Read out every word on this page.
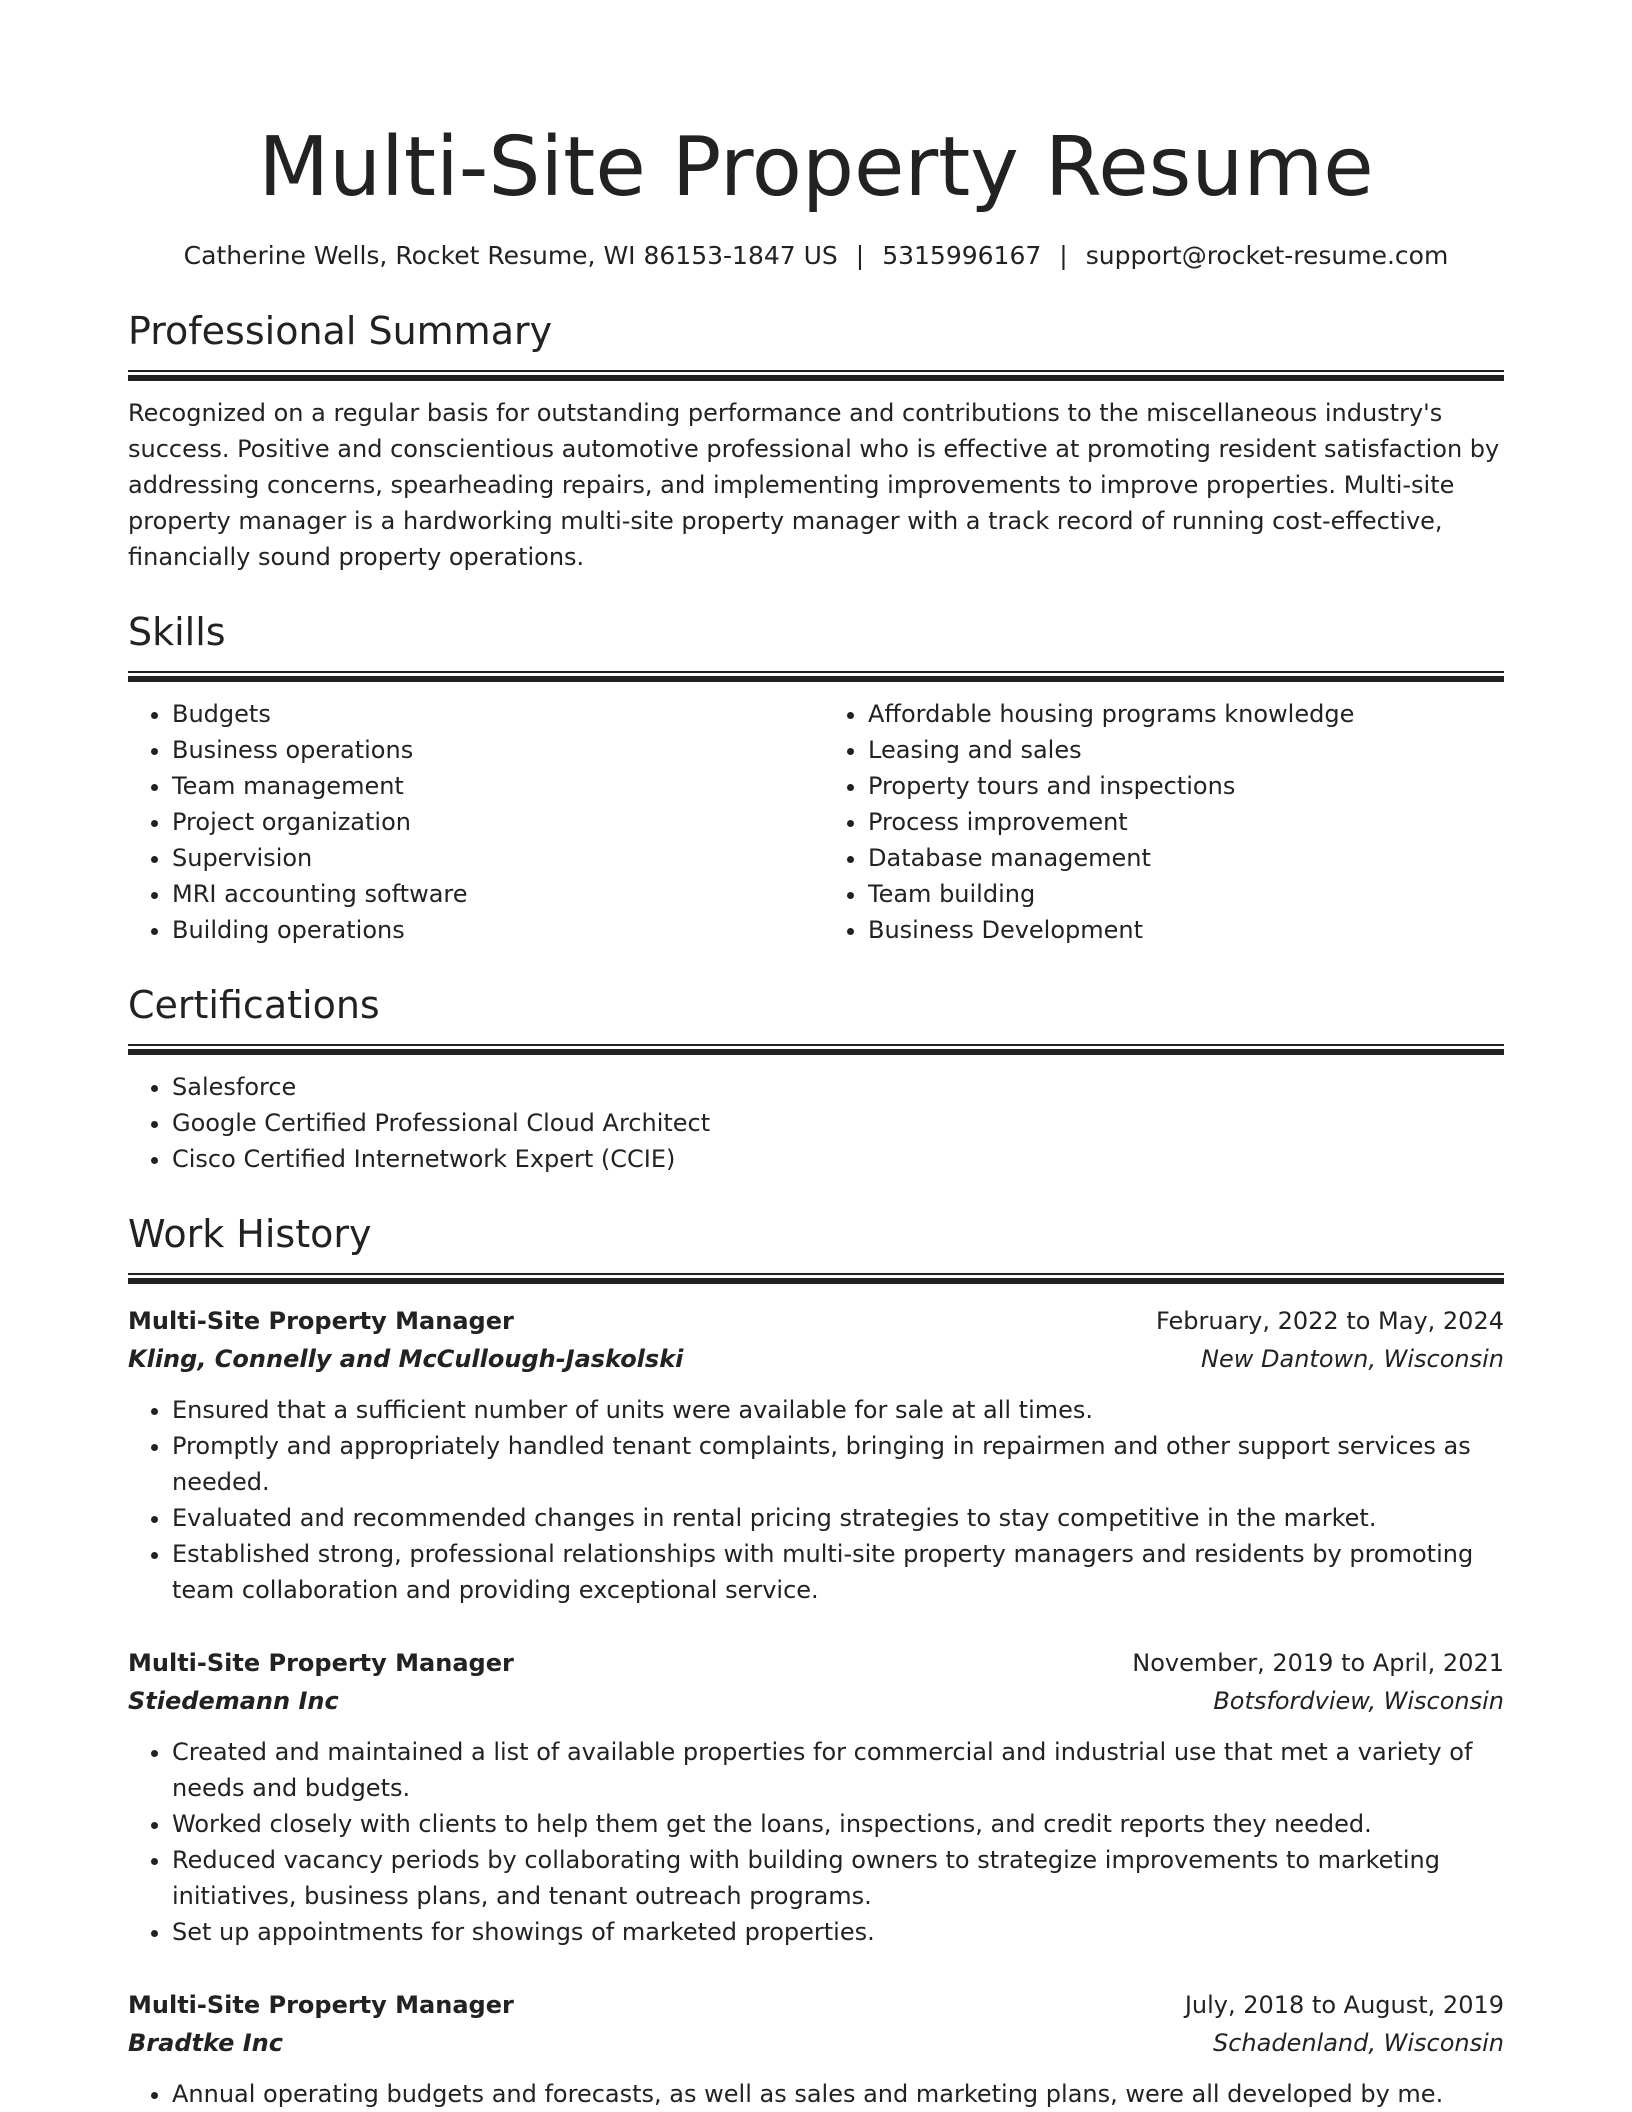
Multi-Site Property Resume
Catherine Wells, Rocket Resume, WI 86153-1847 US | 5315996167 | support@rocket-resume.com
Professional Summary

Recognized on a regular basis for outstanding performance and contributions to the miscellaneous industry's success. Positive and conscientious automotive professional who is effective at promoting resident satisfaction by addressing concerns, spearheading repairs, and implementing improvements to improve properties. Multi-site property manager is a hardworking multi-site property manager with a track record of running cost-effective, financially sound property operations.

Skills
• Budgets
• Business operations
• Team management
• Project organization
• Supervision
• MRI accounting software
• Building operations
• Affordable housing programs knowledge
• Leasing and sales
• Property tours and inspections
• Process improvement
• Database management
• Team building
• Business Development
Certifications
• Salesforce
• Google Certified Professional Cloud Architect
• Cisco Certified Internetwork Expert (CCIE)
Work History
Multi-Site Property Manager	February, 2022 to May, 2024
Kling, Connelly and McCullough-Jaskolski	New Dantown, Wisconsin
• Ensured that a sufficient number of units were available for sale at all times.
• Promptly and appropriately handled tenant complaints, bringing in repairmen and other support services as needed.
• Evaluated and recommended changes in rental pricing strategies to stay competitive in the market.
• Established strong, professional relationships with multi-site property managers and residents by promoting team collaboration and providing exceptional service.
Multi-Site Property Manager	November, 2019 to April, 2021
Stiedemann Inc	Botsfordview, Wisconsin
• Created and maintained a list of available properties for commercial and industrial use that met a variety of needs and budgets.
• Worked closely with clients to help them get the loans, inspections, and credit reports they needed.
• Reduced vacancy periods by collaborating with building owners to strategize improvements to marketing initiatives, business plans, and tenant outreach programs.
• Set up appointments for showings of marketed properties.
Multi-Site Property Manager	July, 2018 to August, 2019
Bradtke Inc	Schadenland, Wisconsin
• Annual operating budgets and forecasts, as well as sales and marketing plans, were all developed by me.
